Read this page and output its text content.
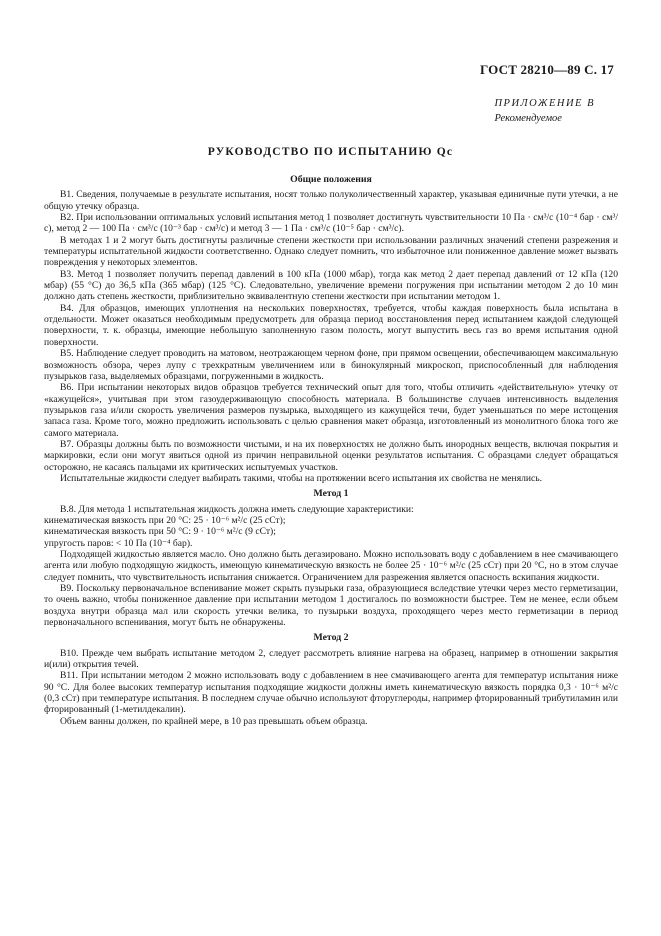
ГОСТ 28210—89 С. 17
ПРИЛОЖЕНИЕ В
Рекомендуемое
РУКОВОДСТВО ПО ИСПЫТАНИЮ Qc
Общие положения

В1. Сведения, получаемые в результате испытания, носят только полуколичественный характер, указывая единичные пути утечки, а не общую утечку образца.

В2. При использовании оптимальных условий испытания метод 1 позволяет достигнуть чувствительности 10 Па · см³/с (10⁻⁴ бар · см³/с), метод 2 — 100 Па · см³/с (10⁻³ бар · см³/с) и метод 3 — 1 Па · см³/с (10⁻⁵ бар · см³/с).

В методах 1 и 2 могут быть достигнуты различные степени жесткости при использовании различных значений степени разрежения и температуры испытательной жидкости соответственно. Однако следует помнить, что избыточное или пониженное давление может вызвать повреждения у некоторых элементов.

В3. Метод 1 позволяет получить перепад давлений в 100 кПа (1000 мбар), тогда как метод 2 дает перепад давлений от 12 кПа (120 мбар) (55 °С) до 36,5 кПа (365 мбар) (125 °С). Следовательно, увеличение времени погружения при испытании методом 2 до 10 мин должно дать степень жесткости, приблизительно эквивалентную степени жесткости при испытании методом 1.

В4. Для образцов, имеющих уплотнения на нескольких поверхностях, требуется, чтобы каждая поверхность была испытана в отдельности. Может оказаться необходимым предусмотреть для образца период восстановления перед испытанием каждой следующей поверхности, т. к. образцы, имеющие небольшую заполненную газом полость, могут выпустить весь газ во время испытания одной поверхности.

В5. Наблюдение следует проводить на матовом, неотражающем черном фоне, при прямом освещении, обеспечивающем максимальную возможность обзора, через лупу с трехкратным увеличением или в бинокулярный микроскоп, приспособленный для наблюдения пузырьков газа, выделяемых образцами, погруженными в жидкость.

В6. При испытании некоторых видов образцов требуется технический опыт для того, чтобы отличить «действительную» утечку от «кажущейся», учитывая при этом газоудерживающую способность материала. В большинстве случаев интенсивность выделения пузырьков газа и/или скорость увеличения размеров пузырька, выходящего из кажущейся течи, будет уменьшаться по мере истощения запаса газа. Кроме того, можно предложить использовать с целью сравнения макет образца, изготовленный из монолитного блока того же самого материала.

В7. Образцы должны быть по возможности чистыми, и на их поверхностях не должно быть инородных веществ, включая покрытия и маркировки, если они могут явиться одной из причин неправильной оценки результатов испытания. С образцами следует обращаться осторожно, не касаясь пальцами их критических испытуемых участков.

Испытательные жидкости следует выбирать такими, чтобы на протяжении всего испытания их свойства не менялись.

Метод 1

В.8. Для метода 1 испытательная жидкость должна иметь следующие характеристики:

кинематическая вязкость при 20 °С: 25 · 10⁻⁶ м²/с (25 сСт);

кинематическая вязкость при 50 °С: 9 · 10⁻⁶ м²/с (9 сСт);

упругость паров: < 10 Па (10⁻⁴ бар).

Подходящей жидкостью является масло. Оно должно быть дегазировано. Можно использовать воду с добавлением в нее смачивающего агента или любую подходящую жидкость, имеющую кинематическую вязкость не более 25 · 10⁻⁶ м²/с (25 сСт) при 20 °С, но в этом случае следует помнить, что чувствительность испытания снижается. Ограничением для разрежения является опасность вскипания жидкости.

В9. Поскольку первоначальное вспенивание может скрыть пузырьки газа, образующиеся вследствие утечки через место герметизации, то очень важно, чтобы пониженное давление при испытании методом 1 достигалось по возможности быстрее. Тем не менее, если объем воздуха внутри образца мал или скорость утечки велика, то пузырьки воздуха, проходящего через место герметизации в период первоначального вспенивания, могут быть не обнаружены.

Метод 2

В10. Прежде чем выбрать испытание методом 2, следует рассмотреть влияние нагрева на образец, например в отношении закрытия и(или) открытия течей.

В11. При испытании методом 2 можно использовать воду с добавлением в нее смачивающего агента для температур испытания ниже 90 °С. Для более высоких температур испытания подходящие жидкости должны иметь кинематическую вязкость порядка 0,3 · 10⁻⁶ м²/с (0,3 сСт) при температуре испытания. В последнем случае обычно используют фторуглероды, например фторированный трибутиламин или фторированный (1-метилдекалин).

Объем ванны должен, по крайней мере, в 10 раз превышать объем образца.
